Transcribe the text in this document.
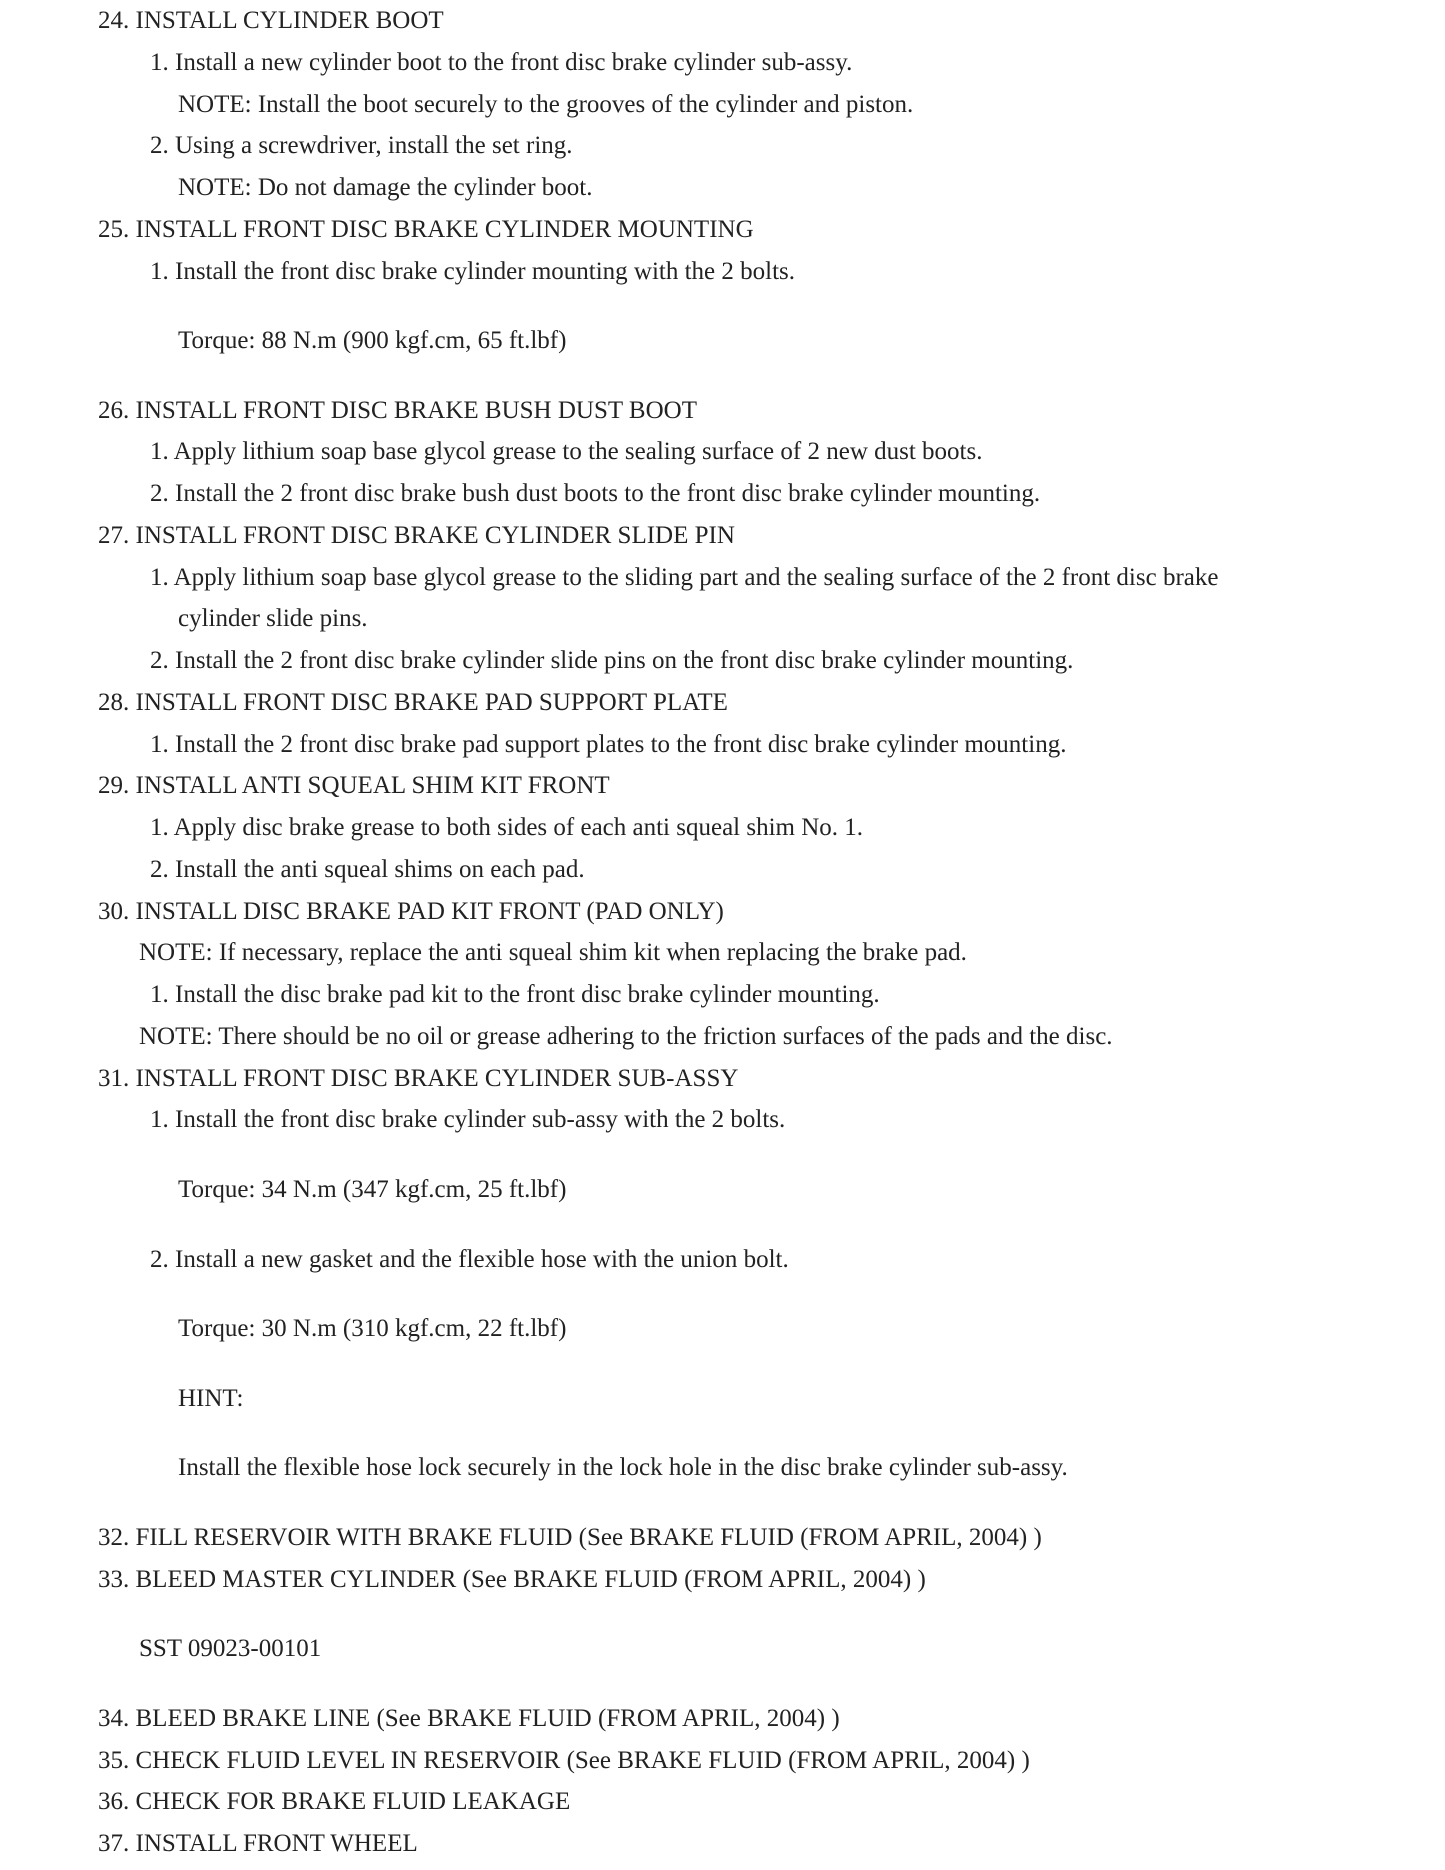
24. INSTALL CYLINDER BOOT

1. Install a new cylinder boot to the front disc brake cylinder sub-assy.

NOTE: Install the boot securely to the grooves of the cylinder and piston.

2. Using a screwdriver, install the set ring.

NOTE: Do not damage the cylinder boot.

25. INSTALL FRONT DISC BRAKE CYLINDER MOUNTING

1. Install the front disc brake cylinder mounting with the 2 bolts.

Torque: 88 N.m (900 kgf.cm, 65 ft.lbf)

26. INSTALL FRONT DISC BRAKE BUSH DUST BOOT

1. Apply lithium soap base glycol grease to the sealing surface of 2 new dust boots.

2. Install the 2 front disc brake bush dust boots to the front disc brake cylinder mounting.

27. INSTALL FRONT DISC BRAKE CYLINDER SLIDE PIN

1. Apply lithium soap base glycol grease to the sliding part and the sealing surface of the 2 front disc brake

cylinder slide pins.

2. Install the 2 front disc brake cylinder slide pins on the front disc brake cylinder mounting.

28. INSTALL FRONT DISC BRAKE PAD SUPPORT PLATE

1. Install the 2 front disc brake pad support plates to the front disc brake cylinder mounting.

29. INSTALL ANTI SQUEAL SHIM KIT FRONT

1. Apply disc brake grease to both sides of each anti squeal shim No. 1.

2. Install the anti squeal shims on each pad.

30. INSTALL DISC BRAKE PAD KIT FRONT (PAD ONLY)

NOTE: If necessary, replace the anti squeal shim kit when replacing the brake pad.

1. Install the disc brake pad kit to the front disc brake cylinder mounting.

NOTE: There should be no oil or grease adhering to the friction surfaces of the pads and the disc.

31. INSTALL FRONT DISC BRAKE CYLINDER SUB-ASSY

1. Install the front disc brake cylinder sub-assy with the 2 bolts.

Torque: 34 N.m (347 kgf.cm, 25 ft.lbf)

2. Install a new gasket and the flexible hose with the union bolt.

Torque: 30 N.m (310 kgf.cm, 22 ft.lbf)

HINT:

Install the flexible hose lock securely in the lock hole in the disc brake cylinder sub-assy.

32. FILL RESERVOIR WITH BRAKE FLUID (See BRAKE FLUID (FROM APRIL, 2004) )

33. BLEED MASTER CYLINDER (See BRAKE FLUID (FROM APRIL, 2004) )

SST 09023-00101

34. BLEED BRAKE LINE (See BRAKE FLUID (FROM APRIL, 2004) )

35. CHECK FLUID LEVEL IN RESERVOIR (See BRAKE FLUID (FROM APRIL, 2004) )

36. CHECK FOR BRAKE FLUID LEAKAGE

37. INSTALL FRONT WHEEL
